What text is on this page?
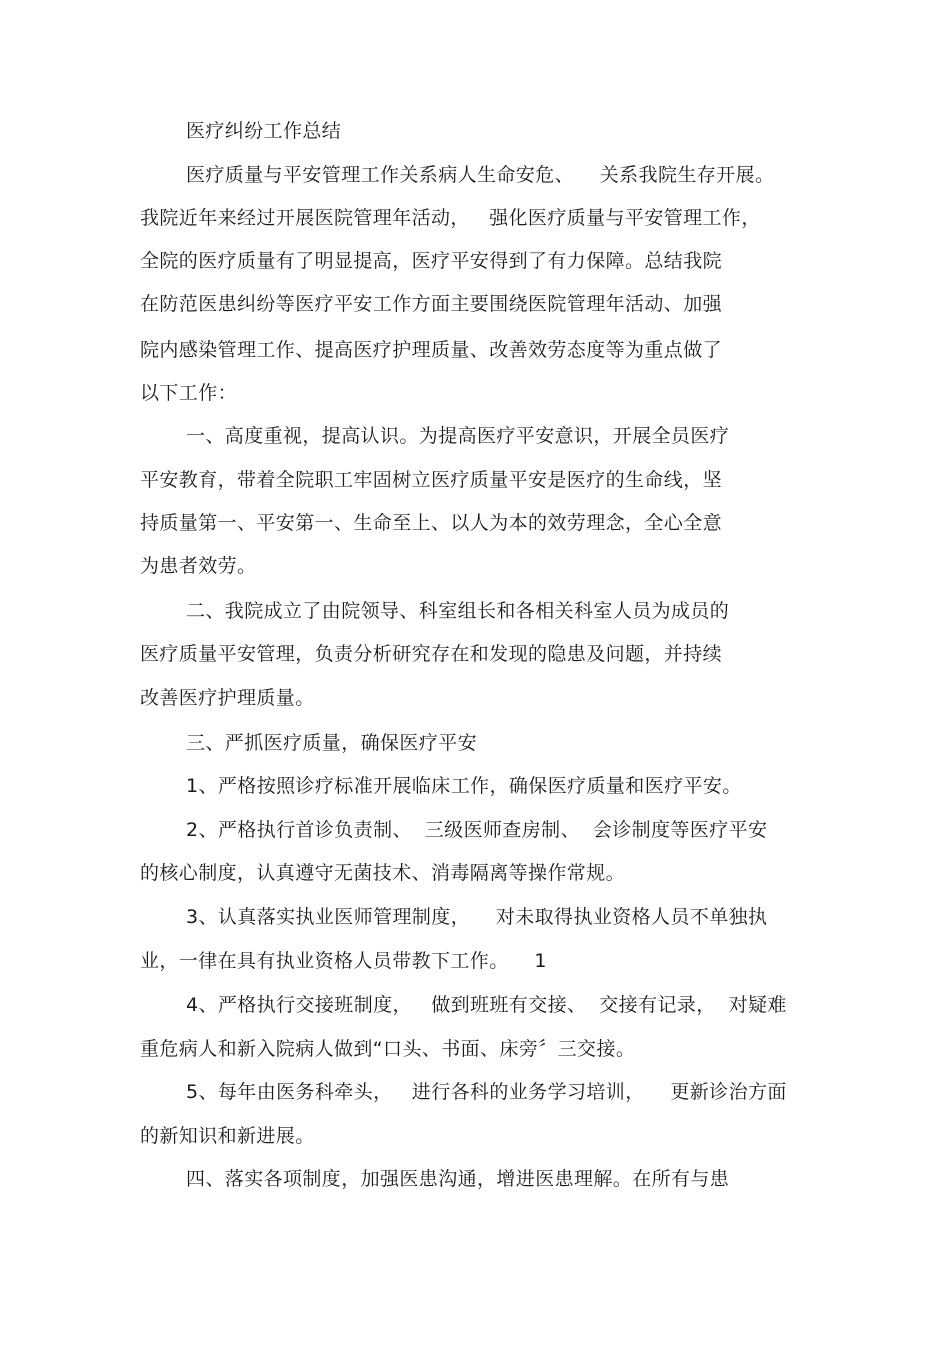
医疗纠纷工作总结
医疗质量与平安管理工作关系病人生命安危、    关系我院生存开展。
我院近年来经过开展医院管理年活动，   强化医疗质量与平安管理工作，
全院的医疗质量有了明显提高，医疗平安得到了有力保障。总结我院
在防范医患纠纷等医疗平安工作方面主要围绕医院管理年活动、加强
院内感染管理工作、提高医疗护理质量、改善效劳态度等为重点做了
以下工作：
一、高度重视，提高认识。为提高医疗平安意识，开展全员医疗
平安教育，带着全院职工牢固树立医疗质量平安是医疗的生命线，坚
持质量第一、平安第一、生命至上、以人为本的效劳理念，全心全意
为患者效劳。
二、我院成立了由院领导、科室组长和各相关科室人员为成员的
医疗质量平安管理，负责分析研究存在和发现的隐患及问题，并持续
改善医疗护理质量。
三、严抓医疗质量，确保医疗平安
1、严格按照诊疗标准开展临床工作，确保医疗质量和医疗平安。
2、严格执行首诊负责制、  三级医师查房制、  会诊制度等医疗平安
的核心制度，认真遵守无菌技术、消毒隔离等操作常规。
3、认真落实执业医师管理制度，    对未取得执业资格人员不单独执
业，一律在具有执业资格人员带教下工作。    1
4、严格执行交接班制度，   做到班班有交接、  交接有记录，  对疑难
重危病人和新入院病人做到“口头、书面、床旁〞三交接。
5、每年由医务科牵头，   进行各科的业务学习培训，    更新诊治方面
的新知识和新进展。
四、落实各项制度，加强医患沟通，增进医患理解。在所有与患
